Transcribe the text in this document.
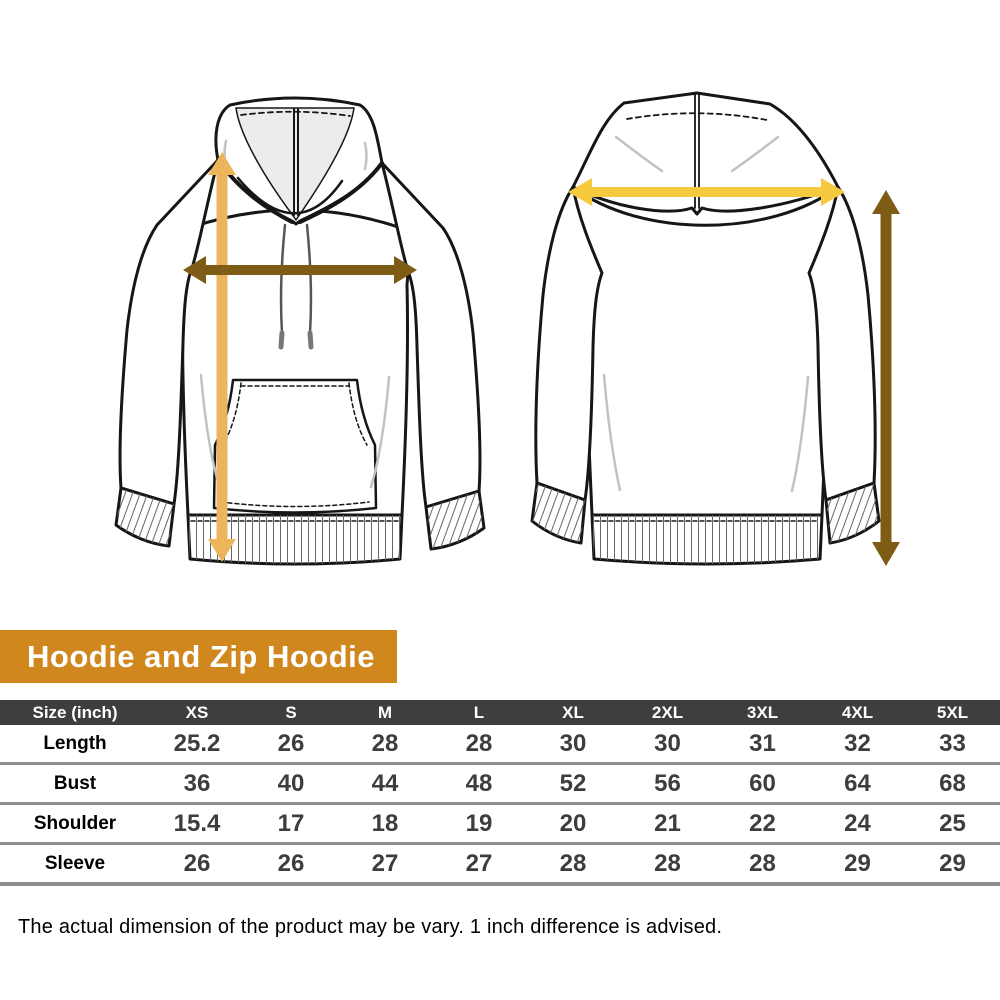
Hoodie and Zip Hoodie
Size (inch)	XS	S	M	L	XL	2XL	3XL	4XL	5XL
Length	25.2	26	28	28	30	30	31	32	33
Bust	36	40	44	48	52	56	60	64	68
Shoulder	15.4	17	18	19	20	21	22	24	25
Sleeve	26	26	27	27	28	28	28	29	29
The actual dimension of the product may be vary. 1 inch difference is advised.
